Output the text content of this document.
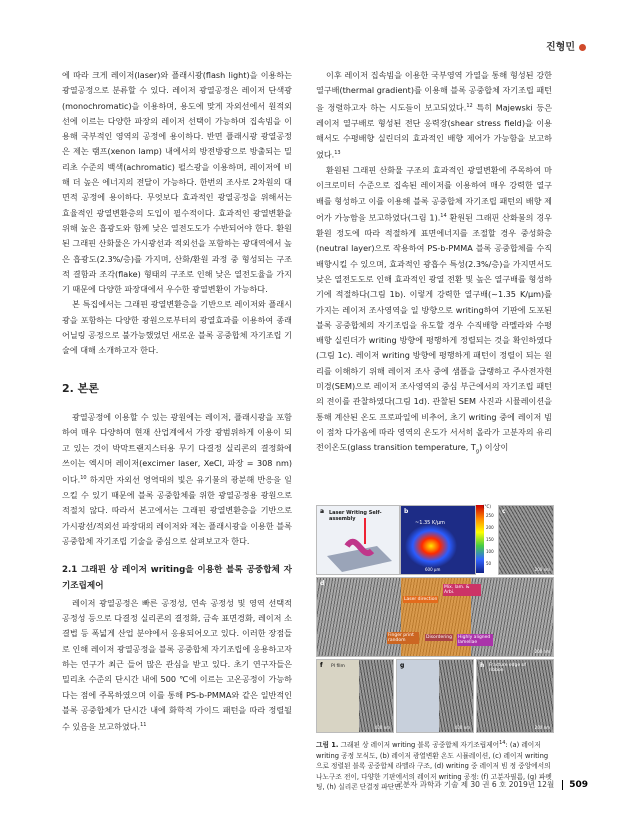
진형민

에 따라 크게 레이저(laser)와 플래시광(flash light)을 이용하는 광열공정으로 분류할 수 있다. 레이저 광열공정은 레이저 단색광(monochromatic)을 이용하며, 용도에 맞게 자외선에서 원적외선에 이르는 다양한 파장의 레이저 선택이 가능하며 집속빔을 이용해 국부적인 영역의 공정에 용이하다. 반면 플래시광 광열공정은 제논 램프(xenon lamp) 내에서의 방전방광으로 방출되는 밀리초 수준의 백색(achromatic) 펄스광을 이용하며, 레이저에 비해 더 높은 에너지의 전달이 가능하다. 한번의 조사로 2차원의 대면적 공정에 용이하다. 무엇보다 효과적인 광열공정을 위해서는 효율적인 광열변환층의 도입이 필수적이다. 효과적인 광열변환을 위해 높은 흡광도와 함께 낮은 열전도도가 수반되어야 한다. 환원된 그래핀 산화물은 가시광선과 적외선을 포함하는 광대역에서 높은 흡광도(2.3%/층)를 가지며, 산화/환원 과정 중 형성되는 구조적 결함과 조각(flake) 형태의 구조로 인해 낮은 열전도율을 가지기 때문에 다양한 파장대에서 우수한 광열변환이 가능하다.

본 특집에서는 그래핀 광열변환층을 기반으로 레이저와 플래시광을 포함하는 다양한 광원으로부터의 광열효과를 이용하여 종래 어닐링 공정으로 불가능했었던 새로운 블록 공중합체 자기조립 기술에 대해 소개하고자 한다.

2. 본론

광열공정에 이용할 수 있는 광원에는 레이저, 플래시광을 포함하여 매우 다양하며 현재 산업계에서 가장 광범위하게 이용이 되고 있는 것이 박막트랜지스터용 무기 다결정 실리콘의 결정화에 쓰이는 엑시머 레이저(excimer laser, XeCl, 파장 = 308 nm)이다.$^{10}$ 하지만 자외선 영역대의 빛은 유기물의 광분해 반응을 일으킬 수 있기 때문에 블록 공중합체를 위한 광열공정용 광원으로 적절치 않다. 따라서 본고에서는 그래핀 광열변환층을 기반으로 가시광선/적외선 파장대의 레이저와 제논 플래시광을 이용한 블록 공중합체 자기조립 기술을 중심으로 살펴보고자 한다.

2.1 그래핀 상 레이저 writing을 이용한 블록 공중합체 자기조립제어

레이저 광열공정은 빠른 공정성, 연속 공정성 및 영역 선택적 공정성 등으로 다결정 실리콘의 결정화, 금속 표면경화, 레이저 소결법 등 폭넓게 산업 분야에서 응용되어오고 있다. 이러한 장점들로 인해 레이저 광열공정을 블록 공중합체 자기조립에 응용하고자 하는 연구가 최근 들어 많은 관심을 받고 있다. 초기 연구자들은 밀리초 수준의 단시간 내에 500 ℃에 이르는 고온공정이 가능하다는 점에 주목하였으며 이를 통해 PS-b-PMMA와 같은 일반적인 블록 공중합체가 단시간 내에 화학적 가이드 패턴을 따라 정렬될 수 있음을 보고하였다.$^{11}$

이후 레이저 집속빔을 이용한 국부영역 가열을 통해 형성된 강한 열구배(thermal gradient)를 이용해 블록 공중합체 자기조립 패턴을 정렬하고자 하는 시도들이 보고되었다.$^{12}$ 특히 Majewski 등은 레이저 열구배로 형성된 전단 응력장(shear stress field)을 이용해서도 수평배향 실린더의 효과적인 배향 제어가 가능함을 보고하였다.$^{13}$

환원된 그래핀 산화물 구조의 효과적인 광열변환에 주목하여 마이크로미터 수준으로 집속된 레이저를 이용하여 매우 강력한 열구배를 형성하고 이를 이용해 블록 공중합체 자기조립 패턴의 배향 제어가 가능함을 보고하였다(그림 1).$^{14}$ 환원된 그래핀 산화물의 경우 환원 정도에 따라 적절하게 표면에너지를 조절할 경우 중성화층(neutral layer)으로 작용하여 PS-b-PMMA 블록 공중합체를 수직 배향시킬 수 있으며, 효과적인 광흡수 특성(2.3%/층)을 가지면서도 낮은 열전도도로 인해 효과적인 광열 전환 및 높은 열구배를 형성하기에 적절하다(그림 1b). 이렇게 강력한 열구배(~1.35 K/μm)를 가지는 레이저 조사영역을 일 방향으로 writing하여 기판에 도포된 블록 공중합체의 자기조립을 유도할 경우 수직배향 라멜라와 수평배향 실린더가 writing 방향에 평행하게 정렬되는 것을 확인하였다(그림 1c). 레이저 writing 방향에 평행하게 패턴이 정렬이 되는 원리를 이해하기 위해 레이저 조사 중에 샘플을 급랭하고 주사전자현미경(SEM)으로 레이저 조사영역의 중심 부근에서의 자기조립 패턴의 전이를 관찰하였다(그림 1d). 관찰된 SEM 사진과 시뮬레이션을 통해 계산된 온도 프로파일에 비추어, 초기 writing 중에 레이저 빔이 점차 다가옴에 따라 영역의 온도가 서서히 올라가 고분자의 유리전이온도(glass transition temperature, $T_g$) 이상이

a Laser Writing Self-assembly
b
~1.35 K/μm
600 μm
(°C)
250
200
150
100
50
c
200 nm
d
Laser direction
Mix. lam. & Arbi.
Finger print random
Disordering Highly aligned lamellae
200 nm
f PI film
400 nm
g
400 nm
h Fracture edge of ribbon
200 nm
그림 1. 그래핀 상 레이저 writing 블록 공중합체 자기조립제어$^{14}$: (a) 레이저 writing 공정 모식도, (b) 레이저 광열변환 온도 시뮬레이션, (c) 레이저 writing으로 정렬된 블록 공중합체 라멜라 구조, (d) writing 중 레이저 빔 정 중앙에서의 나노구조 전이, 다양한 기판에서의 레이저 writing 공정: (f) 고분자필름, (g) 파펫팅, (h) 실리콘 단결정 파단면.
고분자 과학과 기술 제 30 권 6 호 2019년 12월 509
